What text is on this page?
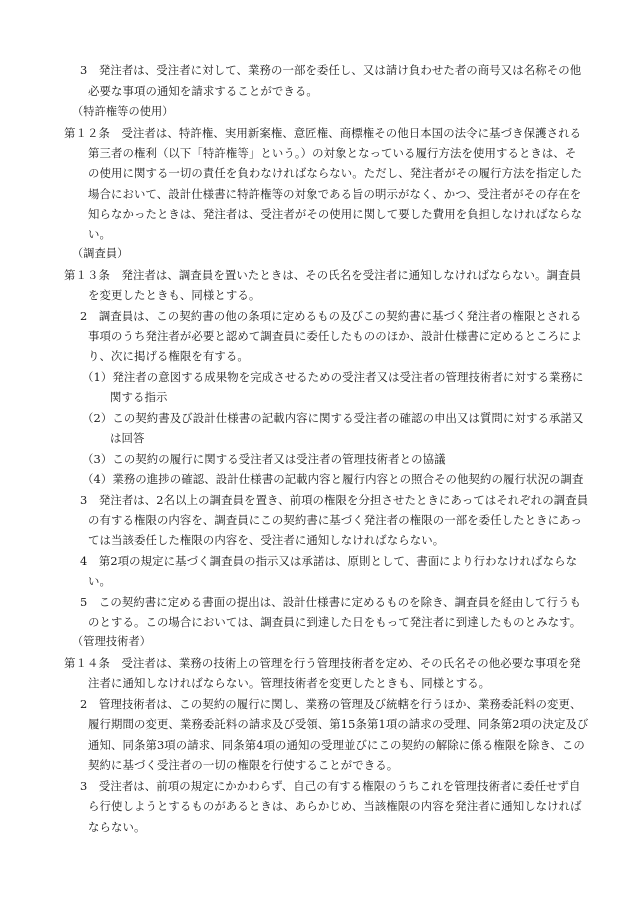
3　発注者は、受注者に対して、業務の一部を委任し、又は請け負わせた者の商号又は名称その他
必要な事項の通知を請求することができる。
（特許権等の使用）
第１２条　受注者は、特許権、実用新案権、意匠権、商標権その他日本国の法令に基づき保護される
第三者の権利（以下「特許権等」という。）の対象となっている履行方法を使用するときは、そ
の使用に関する一切の責任を負わなければならない。ただし、発注者がその履行方法を指定した
場合において、設計仕様書に特許権等の対象である旨の明示がなく、かつ、受注者がその存在を
知らなかったときは、発注者は、受注者がその使用に関して要した費用を負担しなければならな
い。
（調査員）
第１３条　発注者は、調査員を置いたときは、その氏名を受注者に通知しなければならない。調査員
を変更したときも、同様とする。
2　調査員は、この契約書の他の条項に定めるもの及びこの契約書に基づく発注者の権限とされる
事項のうち発注者が必要と認めて調査員に委任したもののほか、設計仕様書に定めるところによ
り、次に掲げる権限を有する。
（1）発注者の意図する成果物を完成させるための受注者又は受注者の管理技術者に対する業務に
関する指示
（2）この契約書及び設計仕様書の記載内容に関する受注者の確認の申出又は質問に対する承諾又
は回答
（3）この契約の履行に関する受注者又は受注者の管理技術者との協議
（4）業務の進捗の確認、設計仕様書の記載内容と履行内容との照合その他契約の履行状況の調査
3　発注者は、2名以上の調査員を置き、前項の権限を分担させたときにあってはそれぞれの調査員
の有する権限の内容を、調査員にこの契約書に基づく発注者の権限の一部を委任したときにあっ
ては当該委任した権限の内容を、受注者に通知しなければならない。
4　第2項の規定に基づく調査員の指示又は承諾は、原則として、書面により行わなければならな
い。
5　この契約書に定める書面の提出は、設計仕様書に定めるものを除き、調査員を経由して行うも
のとする。この場合においては、調査員に到達した日をもって発注者に到達したものとみなす。
（管理技術者）
第１４条　受注者は、業務の技術上の管理を行う管理技術者を定め、その氏名その他必要な事項を発
注者に通知しなければならない。管理技術者を変更したときも、同様とする。
2　管理技術者は、この契約の履行に関し、業務の管理及び統轄を行うほか、業務委託料の変更、
履行期間の変更、業務委託料の請求及び受領、第15条第1項の請求の受理、同条第2項の決定及び
通知、同条第3項の請求、同条第4項の通知の受理並びにこの契約の解除に係る権限を除き、この
契約に基づく受注者の一切の権限を行使することができる。
3　受注者は、前項の規定にかかわらず、自己の有する権限のうちこれを管理技術者に委任せず自
ら行使しようとするものがあるときは、あらかじめ、当該権限の内容を発注者に通知しなければ
ならない。
